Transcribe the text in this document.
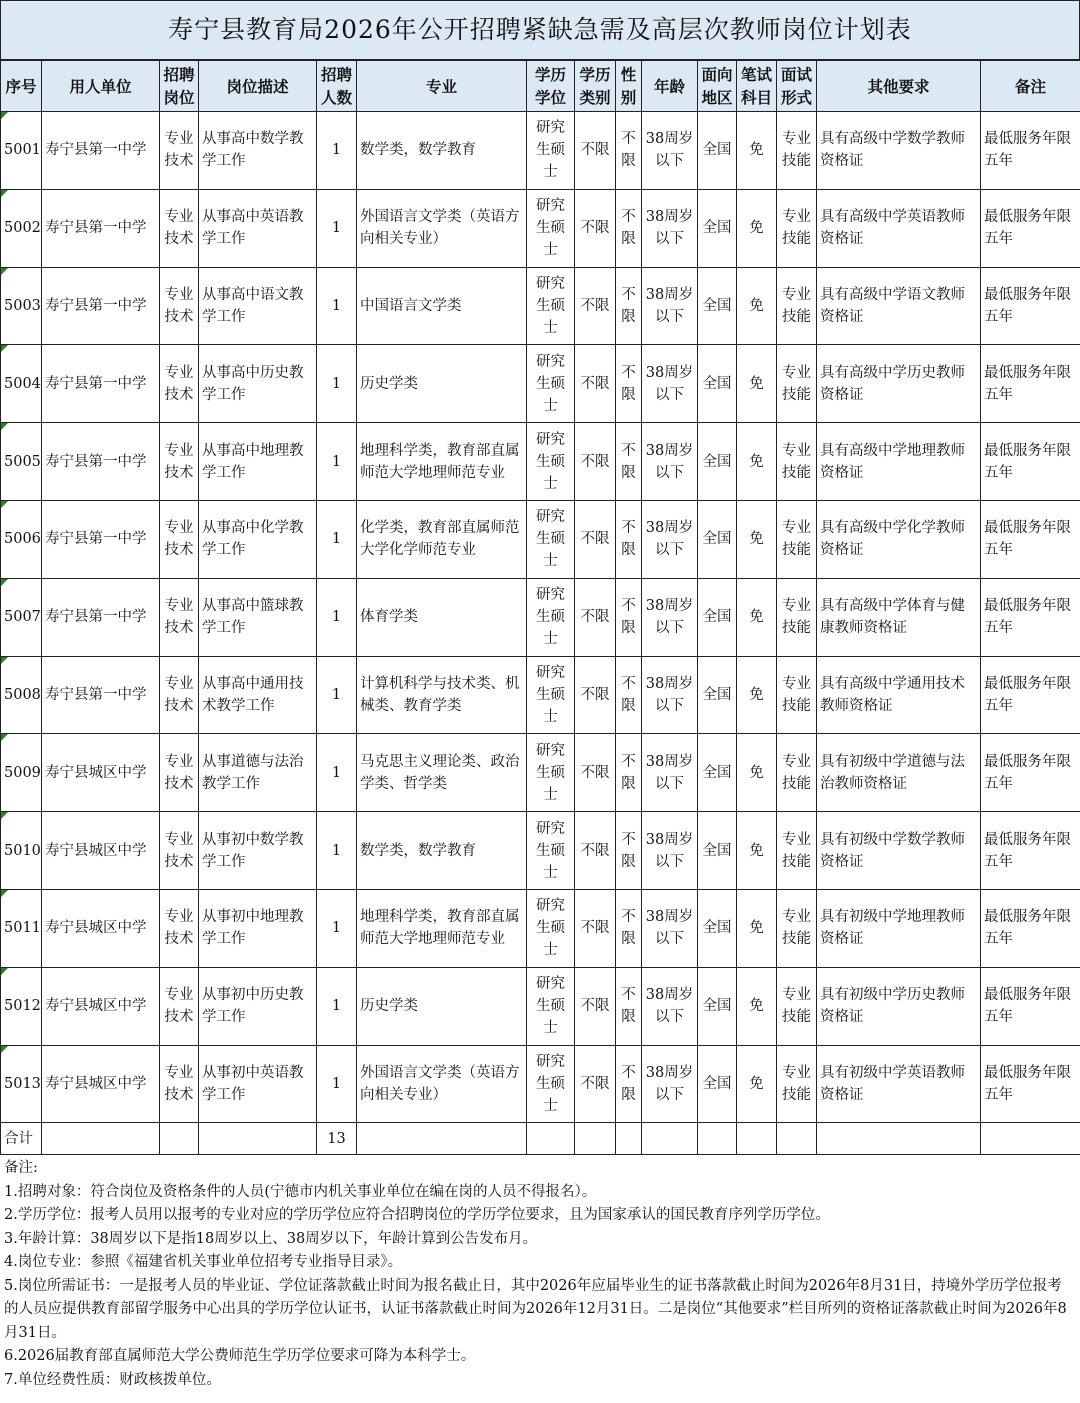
寿宁县教育局2026年公开招聘紧缺急需及高层次教师岗位计划表
序号	用人单位	招聘岗位	岗位描述	招聘人数	专业	学历学位	学历类别	性别	年龄	面向地区	笔试科目	面试形式	其他要求	备注
5001	寿宁县第一中学	专业技术	从事高中数学教学工作	1	数学类，数学教育	研究生硕士	不限	不限	38周岁以下	全国	免	专业技能	具有高级中学数学教师资格证	最低服务年限五年
5002	寿宁县第一中学	专业技术	从事高中英语教学工作	1	外国语言文学类（英语方向相关专业）	研究生硕士	不限	不限	38周岁以下	全国	免	专业技能	具有高级中学英语教师资格证	最低服务年限五年
5003	寿宁县第一中学	专业技术	从事高中语文教学工作	1	中国语言文学类	研究生硕士	不限	不限	38周岁以下	全国	免	专业技能	具有高级中学语文教师资格证	最低服务年限五年
5004	寿宁县第一中学	专业技术	从事高中历史教学工作	1	历史学类	研究生硕士	不限	不限	38周岁以下	全国	免	专业技能	具有高级中学历史教师资格证	最低服务年限五年
5005	寿宁县第一中学	专业技术	从事高中地理教学工作	1	地理科学类，教育部直属师范大学地理师范专业	研究生硕士	不限	不限	38周岁以下	全国	免	专业技能	具有高级中学地理教师资格证	最低服务年限五年
5006	寿宁县第一中学	专业技术	从事高中化学教学工作	1	化学类，教育部直属师范大学化学师范专业	研究生硕士	不限	不限	38周岁以下	全国	免	专业技能	具有高级中学化学教师资格证	最低服务年限五年
5007	寿宁县第一中学	专业技术	从事高中篮球教学工作	1	体育学类	研究生硕士	不限	不限	38周岁以下	全国	免	专业技能	具有高级中学体育与健康教师资格证	最低服务年限五年
5008	寿宁县第一中学	专业技术	从事高中通用技术教学工作	1	计算机科学与技术类、机械类、教育学类	研究生硕士	不限	不限	38周岁以下	全国	免	专业技能	具有高级中学通用技术教师资格证	最低服务年限五年
5009	寿宁县城区中学	专业技术	从事道德与法治教学工作	1	马克思主义理论类、政治学类、哲学类	研究生硕士	不限	不限	38周岁以下	全国	免	专业技能	具有初级中学道德与法治教师资格证	最低服务年限五年
5010	寿宁县城区中学	专业技术	从事初中数学教学工作	1	数学类，数学教育	研究生硕士	不限	不限	38周岁以下	全国	免	专业技能	具有初级中学数学教师资格证	最低服务年限五年
5011	寿宁县城区中学	专业技术	从事初中地理教学工作	1	地理科学类，教育部直属师范大学地理师范专业	研究生硕士	不限	不限	38周岁以下	全国	免	专业技能	具有初级中学地理教师资格证	最低服务年限五年
5012	寿宁县城区中学	专业技术	从事初中历史教学工作	1	历史学类	研究生硕士	不限	不限	38周岁以下	全国	免	专业技能	具有初级中学历史教师资格证	最低服务年限五年
5013	寿宁县城区中学	专业技术	从事初中英语教学工作	1	外国语言文学类（英语方向相关专业）	研究生硕士	不限	不限	38周岁以下	全国	免	专业技能	具有初级中学英语教师资格证	最低服务年限五年
合计				13										

备注:

1.招聘对象：符合岗位及资格条件的人员(宁德市内机关事业单位在编在岗的人员不得报名）。

2.学历学位：报考人员用以报考的专业对应的学历学位应符合招聘岗位的学历学位要求，且为国家承认的国民教育序列学历学位。

3.年龄计算：38周岁以下是指18周岁以上、38周岁以下，年龄计算到公告发布月。

4.岗位专业：参照《福建省机关事业单位招考专业指导目录》。

5.岗位所需证书：一是报考人员的毕业证、学位证落款截止时间为报名截止日，其中2026年应届毕业生的证书落款截止时间为2026年8月31日，持境外学历学位报考的人员应提供教育部留学服务中心出具的学历学位认证书，认证书落款截止时间为2026年12月31日。二是岗位“其他要求”栏目所列的资格证落款截止时间为2026年8月31日。

6.2026届教育部直属师范大学公费师范生学历学位要求可降为本科学士。

7.单位经费性质：财政核拨单位。
